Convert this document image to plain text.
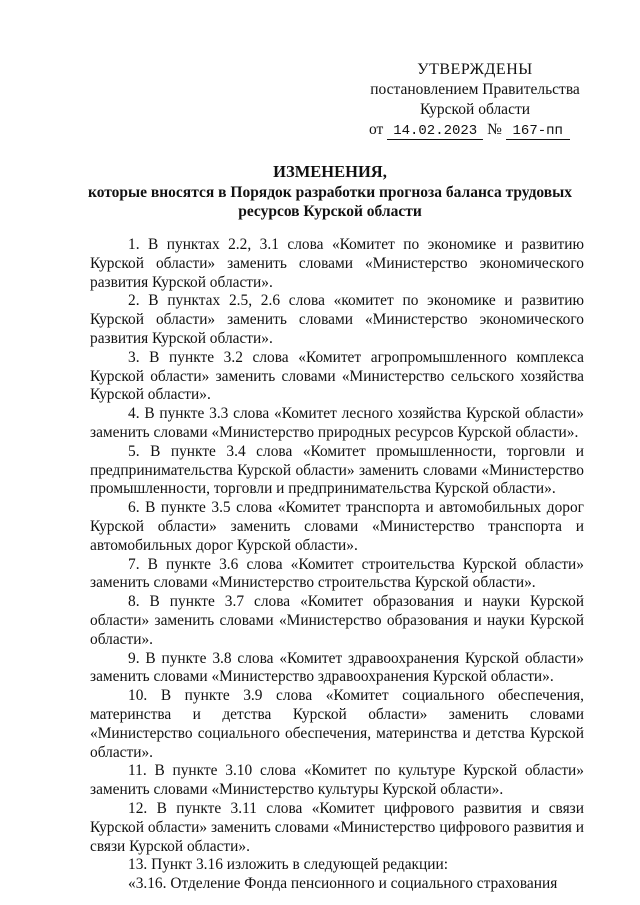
УТВЕРЖДЕНЫ
постановлением Правительства
Курской области
от 14.02.2023 № 167-пп
ИЗМЕНЕНИЯ,
которые вносятся в Порядок разработки прогноза баланса трудовых ресурсов Курской области

1. В пунктах 2.2, 3.1 слова «Комитет по экономике и развитию Курской области» заменить словами «Министерство экономического развития Курской области».

2. В пунктах 2.5, 2.6 слова «комитет по экономике и развитию Курской области» заменить словами «Министерство экономического развития Курской области».

3. В пункте 3.2 слова «Комитет агропромышленного комплекса Курской области» заменить словами «Министерство сельского хозяйства Курской области».

4. В пункте 3.3 слова «Комитет лесного хозяйства Курской области» заменить словами «Министерство природных ресурсов Курской области».

5. В пункте 3.4 слова «Комитет промышленности, торговли и предпринимательства Курской области» заменить словами «Министерство промышленности, торговли и предпринимательства Курской области».

6. В пункте 3.5 слова «Комитет транспорта и автомобильных дорог Курской области» заменить словами «Министерство транспорта и автомобильных дорог Курской области».

7. В пункте 3.6 слова «Комитет строительства Курской области» заменить словами «Министерство строительства Курской области».

8. В пункте 3.7 слова «Комитет образования и науки Курской области» заменить словами «Министерство образования и науки Курской области».

9. В пункте 3.8 слова «Комитет здравоохранения Курской области» заменить словами «Министерство здравоохранения Курской области».

10. В пункте 3.9 слова «Комитет социального обеспечения, материнства и детства Курской области» заменить словами «Министерство социального обеспечения, материнства и детства Курской области».

11. В пункте 3.10 слова «Комитет по культуре Курской области» заменить словами «Министерство культуры Курской области».

12. В пункте 3.11 слова «Комитет цифрового развития и связи Курской области» заменить словами «Министерство цифрового развития и связи Курской области».

13. Пункт 3.16 изложить в следующей редакции:

«3.16. Отделение Фонда пенсионного и социального страхования
